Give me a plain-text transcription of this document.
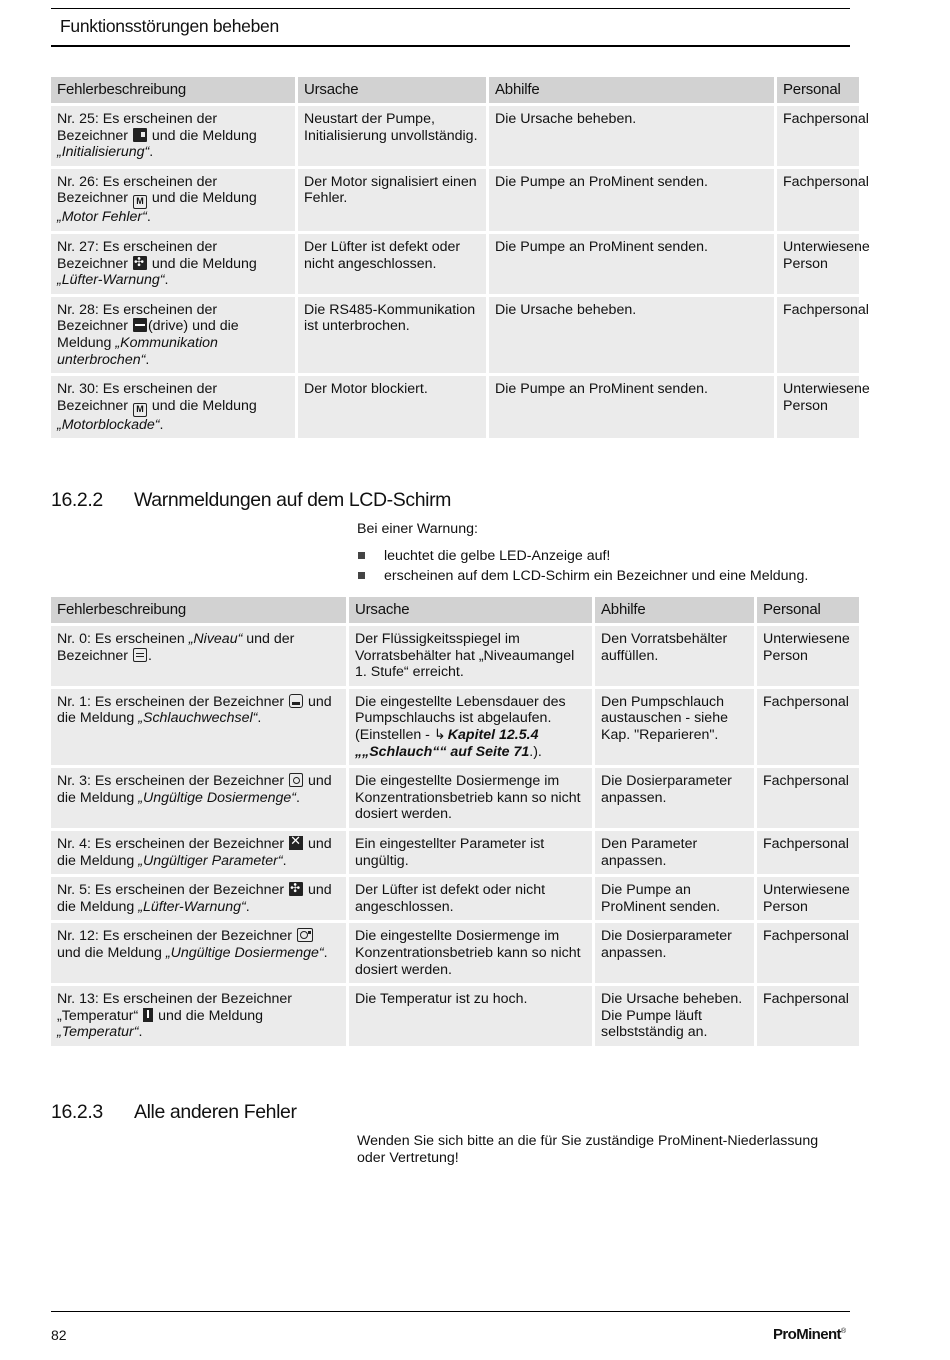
Funktionsstörungen beheben
Fehlerbeschreibung	Ursache	Abhilfe	Personal
Nr. 25: Es erscheinen der Bezeichner und die Meldung „Initialisierung“.	Neustart der Pumpe, Initialisierung unvollständig.	Die Ursache beheben.	Fachpersonal
Nr. 26: Es erscheinen der Bezeichner M und die Meldung „Motor Fehler“.	Der Motor signalisiert einen Fehler.	Die Pumpe an ProMinent senden.	Fachpersonal
Nr. 27: Es erscheinen der Bezeichner ✣ und die Meldung „Lüfter-Warnung“.	Der Lüfter ist defekt oder nicht angeschlossen.	Die Pumpe an ProMinent senden.	Unterwiesene Person
Nr. 28: Es erscheinen der Bezeichner (drive) und die Meldung „Kommunikation unterbrochen“.	Die RS485-Kommunikation ist unterbrochen.	Die Ursache beheben.	Fachpersonal
Nr. 30: Es erscheinen der Bezeichner M und die Meldung „Motorblockade“.	Der Motor blockiert.	Die Pumpe an ProMinent senden.	Unterwiesene Person
16.2.2 Warnmeldungen auf dem LCD-Schirm
Bei einer Warnung:
leuchtet die gelbe LED-Anzeige auf!
erscheinen auf dem LCD-Schirm ein Bezeichner und eine Meldung.
Fehlerbeschreibung	Ursache	Abhilfe	Personal
Nr. 0: Es erscheinen „Niveau“ und der Bezeichner .	Der Flüssigkeitsspiegel im Vorratsbehälter hat „Niveaumangel 1. Stufe“ erreicht.	Den Vorratsbehälter auffüllen.	Unterwiesene Person
Nr. 1: Es erscheinen der Bezeichner und die Meldung „Schlauchwechsel“.	Die eingestellte Lebensdauer des Pumpschlauchs ist abgelaufen. (Einstellen - ↳ Kapitel 12.5.4 „„Schlauch““ auf Seite 71.).	Den Pumpschlauch austauschen - siehe Kap. "Reparieren".	Fachpersonal
Nr. 3: Es erscheinen der Bezeichner und die Meldung „Ungültige Dosiermenge“.	Die eingestellte Dosiermenge im Konzentrationsbetrieb kann so nicht dosiert werden.	Die Dosierparameter anpassen.	Fachpersonal
Nr. 4: Es erscheinen der Bezeichner ✕ und die Meldung „Ungültiger Parameter“.	Ein eingestellter Parameter ist ungültig.	Den Parameter anpassen.	Fachpersonal
Nr. 5: Es erscheinen der Bezeichner ✣ und die Meldung „Lüfter-Warnung“.	Der Lüfter ist defekt oder nicht angeschlossen.	Die Pumpe an ProMinent senden.	Unterwiesene Person
Nr. 12: Es erscheinen der Bezeichner  und die Meldung „Ungültige Dosiermenge“.	Die eingestellte Dosiermenge im Konzentrationsbetrieb kann so nicht dosiert werden.	Die Dosierparameter anpassen.	Fachpersonal
Nr. 13: Es erscheinen der Bezeichner „Temperatur“ und die Meldung „Temperatur“.	Die Temperatur ist zu hoch.	Die Ursache beheben. Die Pumpe läuft selbstständig an.	Fachpersonal
16.2.3 Alle anderen Fehler
Wenden Sie sich bitte an die für Sie zuständige ProMinent-Niederlassung oder Vertretung!
82	ProMinent®
